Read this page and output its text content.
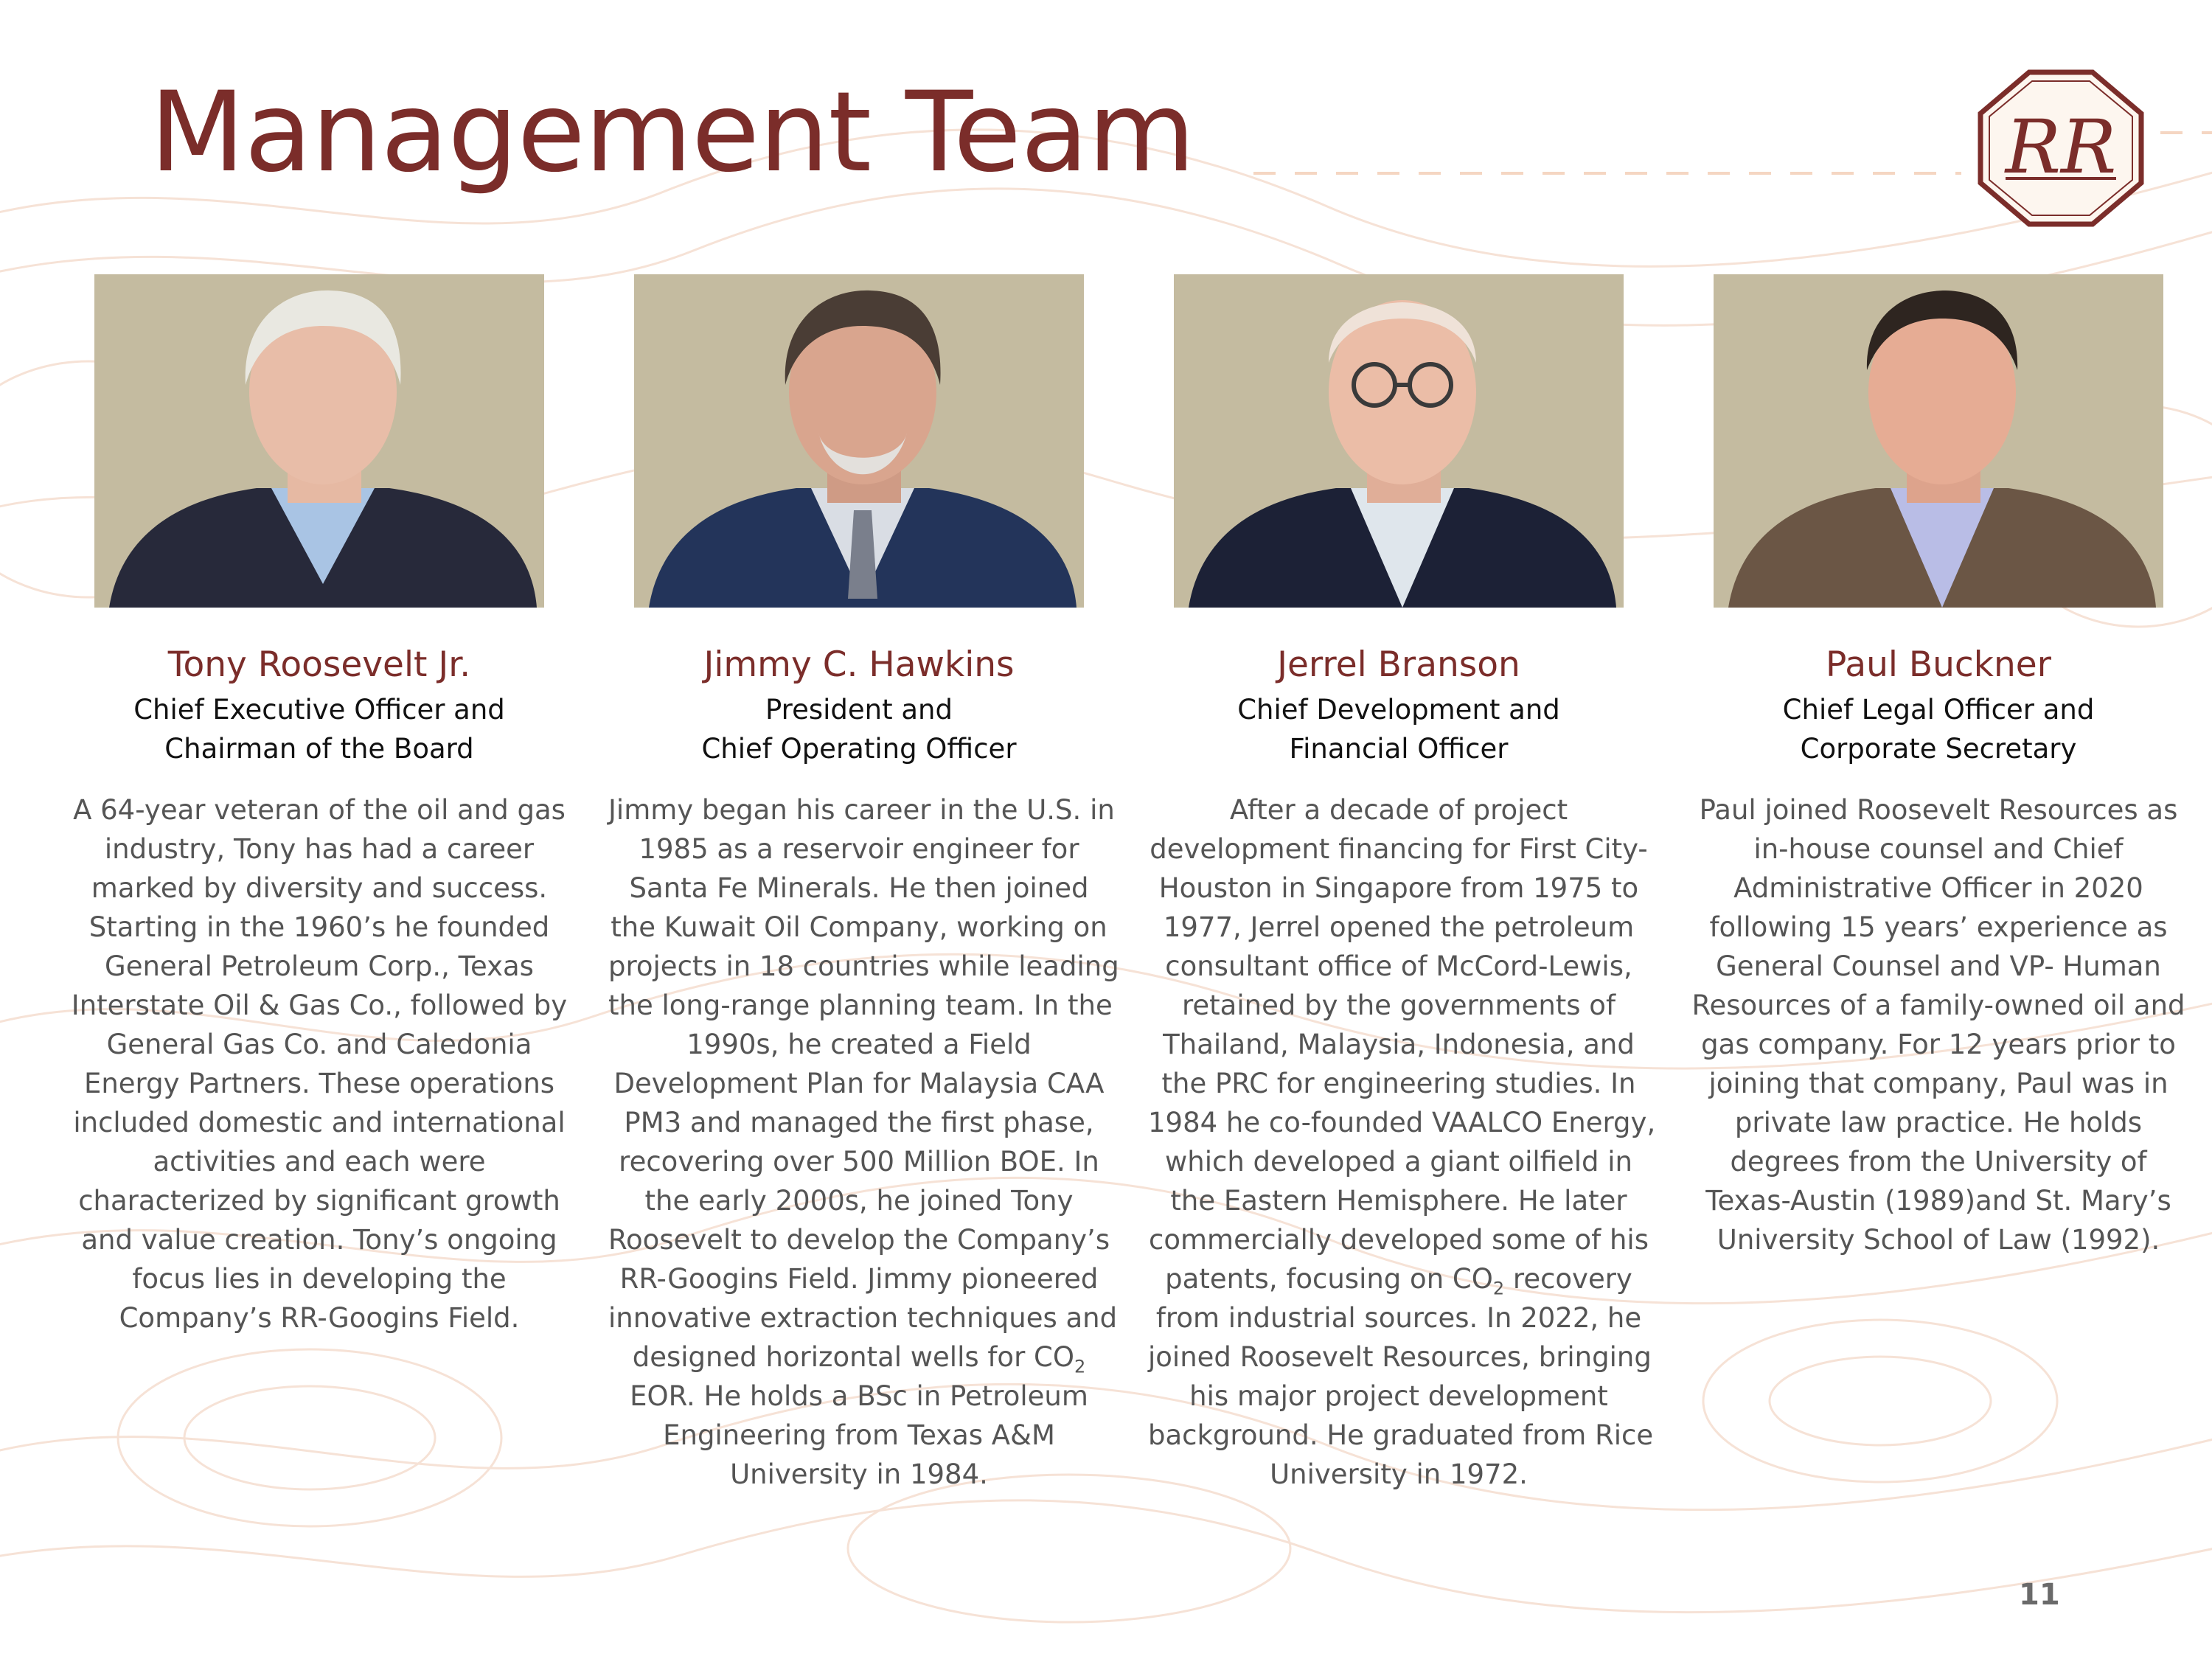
Management Team	RR
Tony Roosevelt Jr.
Chief Executive Officer and
Chairman of the Board
A 64-year veteran of the oil and gas
industry, Tony has had a career
marked by diversity and success.
Starting in the 1960’s he founded
General Petroleum Corp., Texas
Interstate Oil & Gas Co., followed by
General Gas Co. and Caledonia
Energy Partners. These operations
included domestic and international
activities and each were
characterized by significant growth
and value creation. Tony’s ongoing
focus lies in developing the
Company’s RR-Googins Field.
Jimmy C. Hawkins
President and
Chief Operating Officer
Jimmy began his career in the U.S. in
1985 as a reservoir engineer for
Santa Fe Minerals. He then joined
the Kuwait Oil Company, working on
projects in 18 countries while leading
the long-range planning team. In the
1990s, he created a Field
Development Plan for Malaysia CAA
PM3 and managed the first phase,
recovering over 500 Million BOE. In
the early 2000s, he joined Tony
Roosevelt to develop the Company’s
RR-Googins Field. Jimmy pioneered
innovative extraction techniques and
designed horizontal wells for $CO_2$
EOR. He holds a BSc in Petroleum
Engineering from Texas A&M
University in 1984.
Jerrel Branson
Chief Development and
Financial Officer
After a decade of project
development financing for First City-
Houston in Singapore from 1975 to
1977, Jerrel opened the petroleum
consultant office of McCord-Lewis,
retained by the governments of
Thailand, Malaysia, Indonesia, and
the PRC for engineering studies. In
1984 he co-founded VAALCO Energy,
which developed a giant oilfield in
the Eastern Hemisphere. He later
commercially developed some of his
patents, focusing on $CO_2$ recovery
from industrial sources. In 2022, he
joined Roosevelt Resources, bringing
his major project development
background. He graduated from Rice
University in 1972.
Paul Buckner
Chief Legal Officer and
Corporate Secretary
Paul joined Roosevelt Resources as
in-house counsel and Chief
Administrative Officer in 2020
following 15 years’ experience as
General Counsel and VP- Human
Resources of a family-owned oil and
gas company. For 12 years prior to
joining that company, Paul was in
private law practice. He holds
degrees from the University of
Texas-Austin (1989)and St. Mary’s
University School of Law (1992).
11
